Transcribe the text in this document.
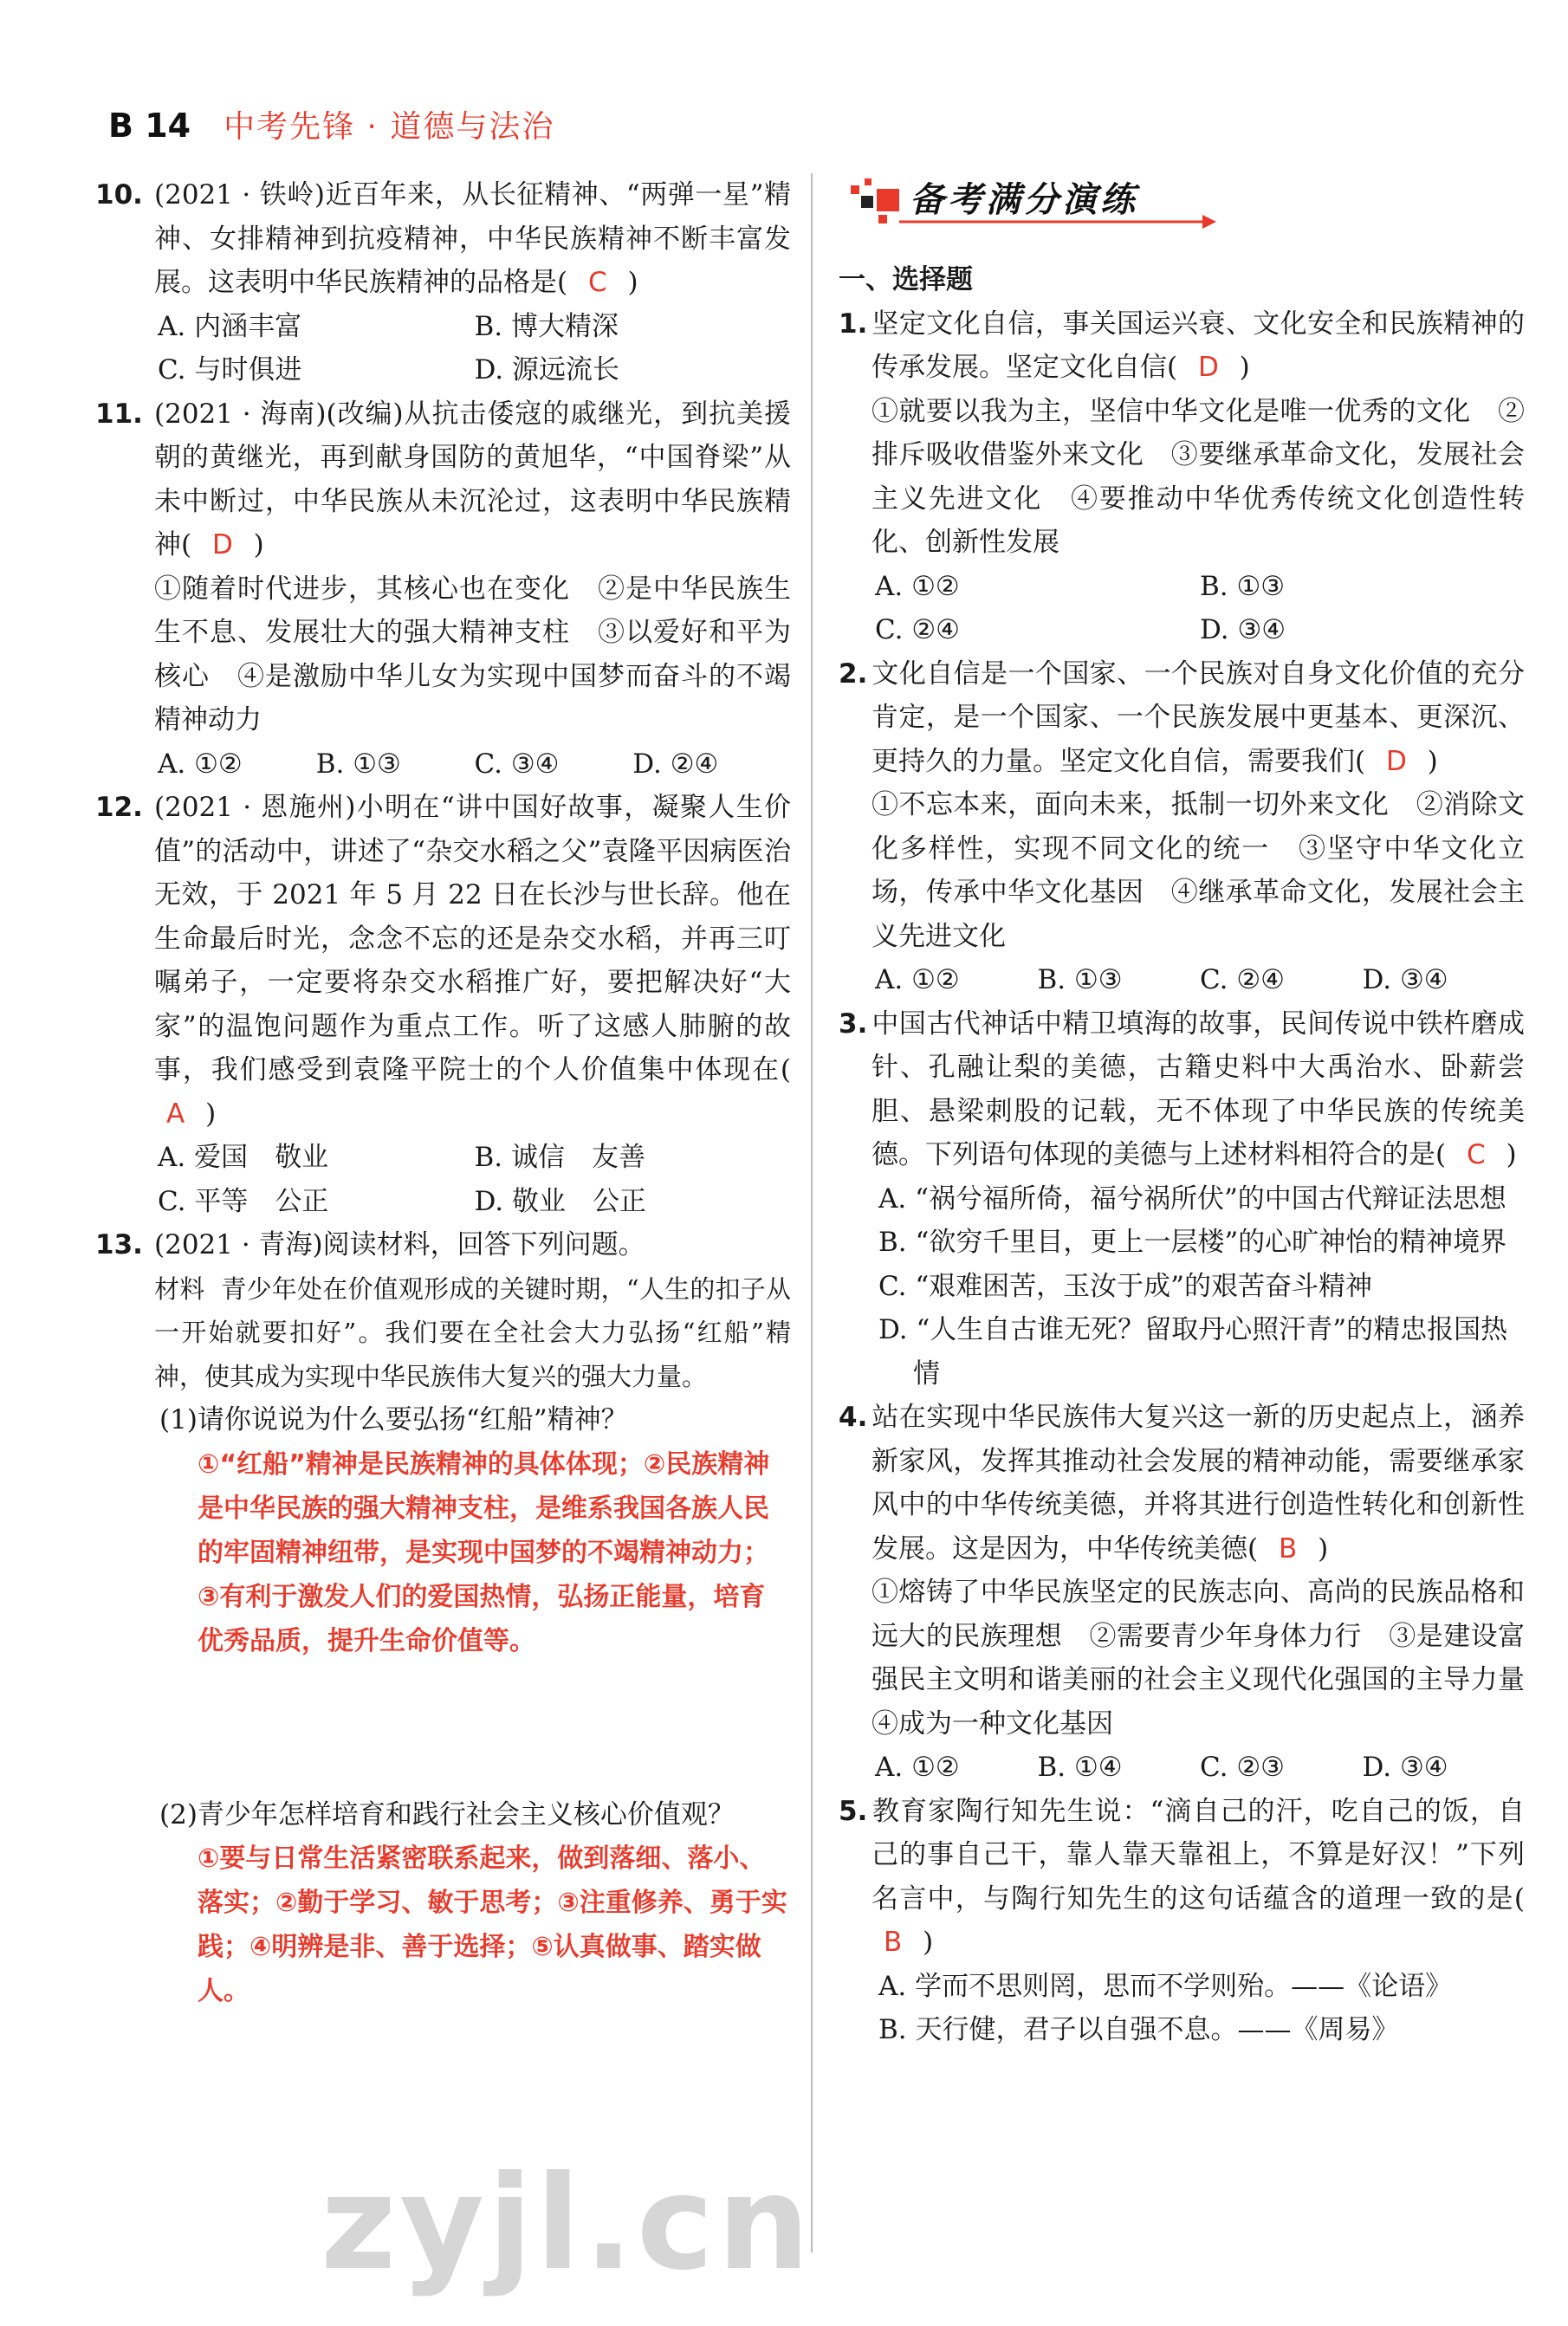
B 14 中考先锋 · 道德与法治
10. (2021 · 铁岭)近百年来，从长征精神、“两弹一星”精神、女排精神到抗疫精神，中华民族精神不断丰富发展。这表明中华民族精神的品格是( C )
A. 内涵丰富	B. 博大精深
C. 与时俱进	D. 源远流长
11. (2021 · 海南)(改编)从抗击倭寇的戚继光，到抗美援朝的黄继光，再到献身国防的黄旭华，“中国脊梁”从未中断过，中华民族从未沉沦过，这表明中华民族精神( D )
①随着时代进步，其核心也在变化　②是中华民族生生不息、发展壮大的强大精神支柱　③以爱好和平为核心　④是激励中华儿女为实现中国梦而奋斗的不竭精神动力
A. ①②	B. ①③	C. ③④	D. ②④
12. (2021 · 恩施州)小明在“讲中国好故事，凝聚人生价值”的活动中，讲述了“杂交水稻之父”袁隆平因病医治无效，于 2021 年 5 月 22 日在长沙与世长辞。他在生命最后时光，念念不忘的还是杂交水稻，并再三叮嘱弟子，一定要将杂交水稻推广好，要把解决好“大家”的温饱问题作为重点工作。听了这感人肺腑的故事，我们感受到袁隆平院士的个人价值集中体现在( A )
A. 爱国　敬业	B. 诚信　友善
C. 平等　公正	D. 敬业　公正
13. (2021 · 青海)阅读材料，回答下列问题。
材料 青少年处在价值观形成的关键时期，“人生的扣子从一开始就要扣好”。我们要在全社会大力弘扬“红船”精神，使其成为实现中华民族伟大复兴的强大力量。
(1)请你说说为什么要弘扬“红船”精神？
①“红船”精神是民族精神的具体体现；②民族精神是中华民族的强大精神支柱，是维系我国各族人民的牢固精神纽带，是实现中国梦的不竭精神动力；③有利于激发人们的爱国热情，弘扬正能量，培育优秀品质，提升生命价值等。
(2)青少年怎样培育和践行社会主义核心价值观？
①要与日常生活紧密联系起来，做到落细、落小、落实；②勤于学习、敏于思考；③注重修养、勇于实践；④明辨是非、善于选择；⑤认真做事、踏实做人。
备考满分演练
一、选择题
1. 坚定文化自信，事关国运兴衰、文化安全和民族精神的传承发展。坚定文化自信( D )
①就要以我为主，坚信中华文化是唯一优秀的文化　②排斥吸收借鉴外来文化　③要继承革命文化，发展社会主义先进文化　④要推动中华优秀传统文化创造性转化、创新性发展
A. ①②	B. ①③
C. ②④	D. ③④
2. 文化自信是一个国家、一个民族对自身文化价值的充分肯定，是一个国家、一个民族发展中更基本、更深沉、更持久的力量。坚定文化自信，需要我们( D )
①不忘本来，面向未来，抵制一切外来文化　②消除文化多样性，实现不同文化的统一　③坚守中华文化立场，传承中华文化基因　④继承革命文化，发展社会主义先进文化
A. ①②	B. ①③	C. ②④	D. ③④
3. 中国古代神话中精卫填海的故事，民间传说中铁杵磨成针、孔融让梨的美德，古籍史料中大禹治水、卧薪尝胆、悬梁刺股的记载，无不体现了中华民族的传统美德。下列语句体现的美德与上述材料相符合的是( C )
A. “祸兮福所倚，福兮祸所伏”的中国古代辩证法思想
B. “欲穷千里目，更上一层楼”的心旷神怡的精神境界
C. “艰难困苦，玉汝于成”的艰苦奋斗精神
D. “人生自古谁无死？留取丹心照汗青”的精忠报国热情
4. 站在实现中华民族伟大复兴这一新的历史起点上，涵养新家风，发挥其推动社会发展的精神动能，需要继承家风中的中华传统美德，并将其进行创造性转化和创新性发展。这是因为，中华传统美德( B )
①熔铸了中华民族坚定的民族志向、高尚的民族品格和远大的民族理想　②需要青少年身体力行　③是建设富强民主文明和谐美丽的社会主义现代化强国的主导力量　④成为一种文化基因
A. ①②	B. ①④	C. ②③	D. ③④
5. 教育家陶行知先生说：“滴自己的汗，吃自己的饭，自己的事自己干，靠人靠天靠祖上，不算是好汉！”下列名言中，与陶行知先生的这句话蕴含的道理一致的是( B )
A. 学而不思则罔，思而不学则殆。——《论语》
B. 天行健，君子以自强不息。——《周易》
zyjl.cn
